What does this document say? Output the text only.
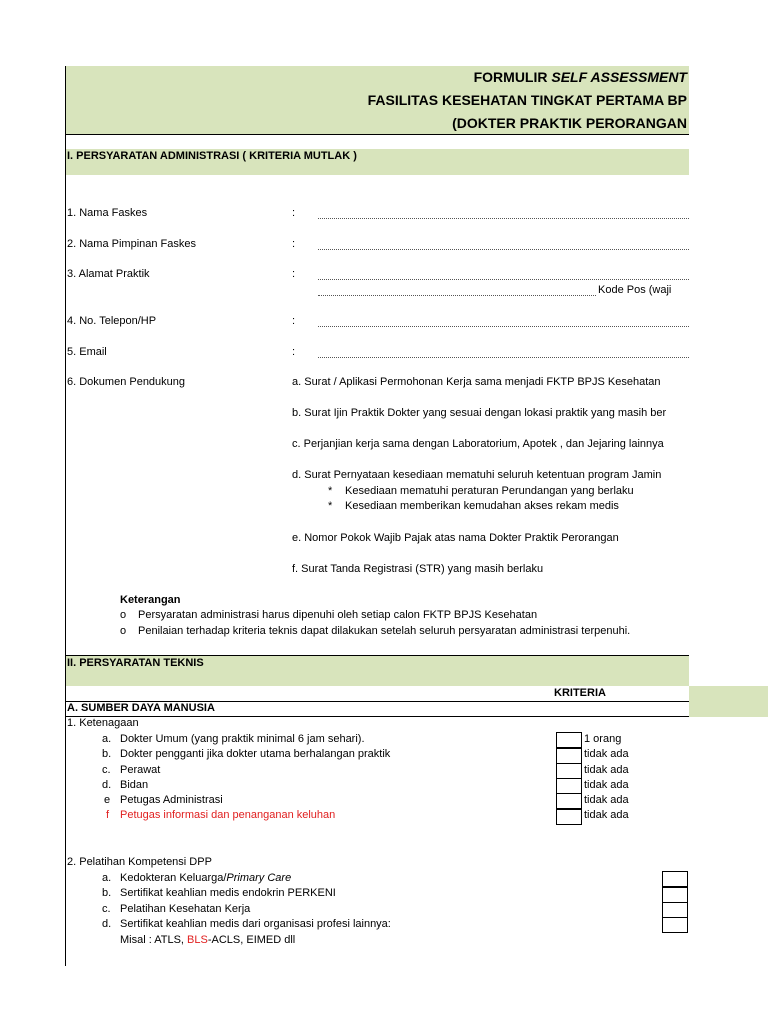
FORMULIR SELF ASSESSMENT
FASILITAS KESEHATAN TINGKAT PERTAMA BP
(DOKTER PRAKTIK PERORANGAN
I. PERSYARATAN ADMINISTRASI ( KRITERIA MUTLAK )
1. Nama Faskes	:
2. Nama Pimpinan Faskes	:
3. Alamat Praktik	:
Kode Pos (waji
4. No. Telepon/HP	:
5. Email	:
6. Dokumen Pendukung	a. Surat / Aplikasi Permohonan Kerja sama menjadi FKTP BPJS Kesehatan
b. Surat Ijin Praktik Dokter yang sesuai dengan lokasi praktik yang masih ber
c. Perjanjian kerja sama dengan Laboratorium, Apotek , dan Jejaring lainnya
d. Surat Pernyataan kesediaan mematuhi seluruh ketentuan program Jamin
* Kesediaan mematuhi peraturan Perundangan yang berlaku
* Kesediaan memberikan kemudahan akses rekam medis
e. Nomor Pokok Wajib Pajak atas nama Dokter Praktik Perorangan
f. Surat Tanda Registrasi (STR) yang masih berlaku
Keterangan
o Persyaratan administrasi harus dipenuhi oleh setiap calon FKTP BPJS Kesehatan
o Penilaian terhadap kriteria teknis dapat dilakukan setelah seluruh persyaratan administrasi terpenuhi.
II. PERSYARATAN TEKNIS
KRITERIA
A. SUMBER DAYA MANUSIA
1. Ketenagaan
a. Dokter Umum (yang praktik minimal 6 jam sehari).	1 orang
b. Dokter pengganti jika dokter utama berhalangan praktik	tidak ada
c. Perawat	tidak ada
d. Bidan	tidak ada
e Petugas Administrasi	tidak ada
f Petugas informasi dan penanganan keluhan	tidak ada
2. Pelatihan Kompetensi DPP
a. Kedokteran Keluarga/Primary Care
b. Sertifikat keahlian medis endokrin PERKENI
c. Pelatihan Kesehatan Kerja
d. Sertifikat keahlian medis dari organisasi profesi lainnya:
Misal : ATLS, BLS-ACLS, EIMED dll
